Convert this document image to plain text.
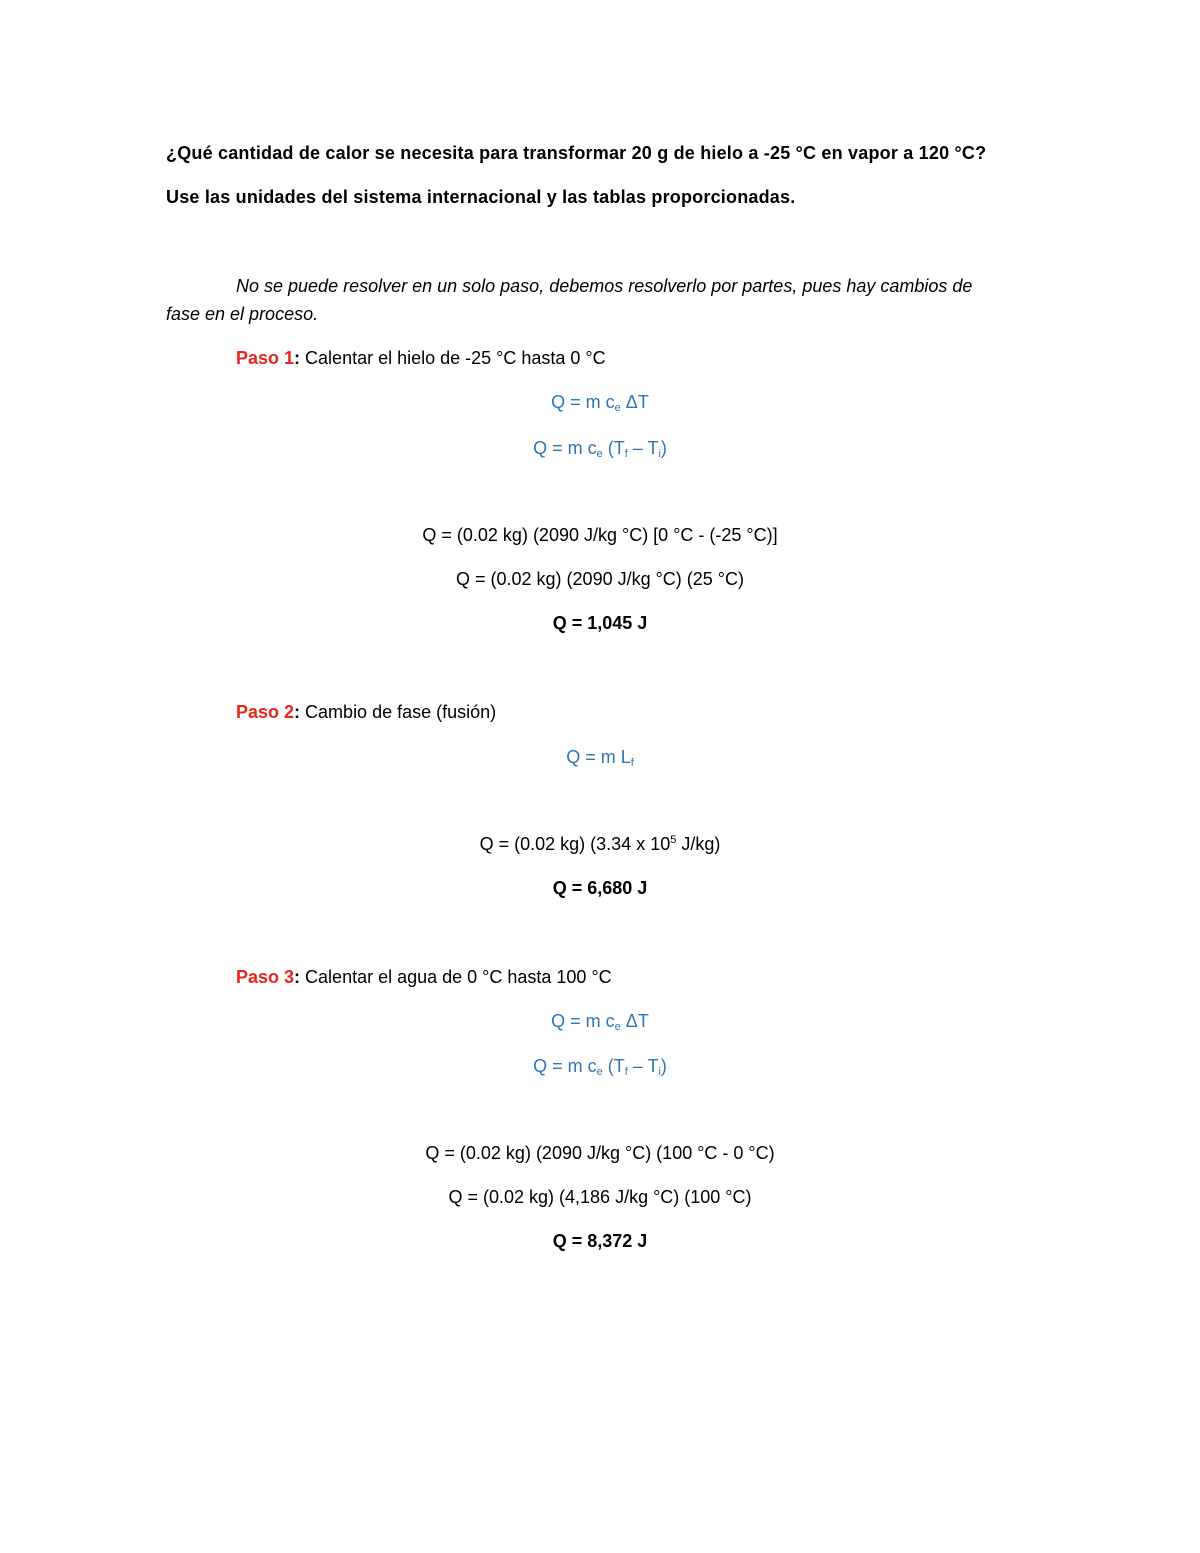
¿Qué cantidad de calor se necesita para transformar 20 g de hielo a -25 °C en vapor a 120 °C?
Use las unidades del sistema internacional y las tablas proporcionadas.
No se puede resolver en un solo paso, debemos resolverlo por partes, pues hay cambios de
fase en el proceso.
Paso 1: Calentar el hielo de -25 °C hasta 0 °C
Q = m $c_e$ ΔT
Q = m $c_e$ $(T_f - T_i)$
Q = (0.02 kg) (2090 J/kg °C) [0 °C - (-25 °C)]
Q = (0.02 kg) (2090 J/kg °C) (25 °C)
Q = 1,045 J
Paso 2: Cambio de fase (fusión)
Q = m $L_f$
Q = (0.02 kg) (3.34 x $10^5$ J/kg)
Q = 6,680 J
Paso 3: Calentar el agua de 0 °C hasta 100 °C
Q = m $c_e$ ΔT
Q = m $c_e$ $(T_f - T_i)$
Q = (0.02 kg) (2090 J/kg °C) (100 °C - 0 °C)
Q = (0.02 kg) (4,186 J/kg °C) (100 °C)
Q = 8,372 J
